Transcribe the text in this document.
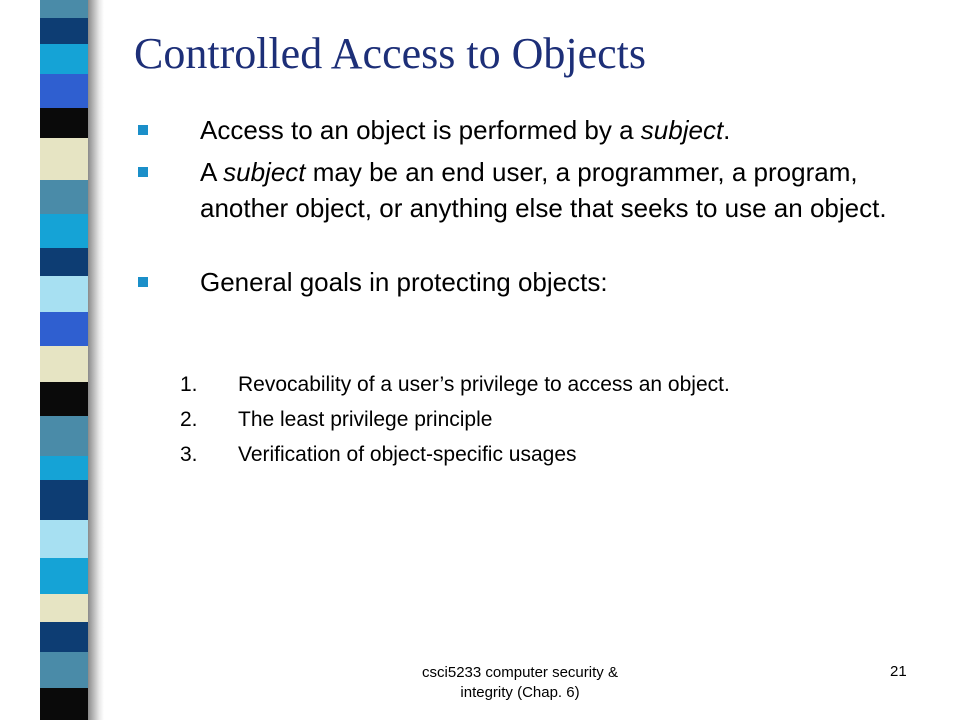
Controlled Access to Objects
Access to an object is performed by a subject.
A subject may be an end user, a programmer, a program, another object, or anything else that seeks to use an object.
General goals in protecting objects:
1. Revocability of a user’s privilege to access an object.
2. The least privilege principle
3. Verification of object-specific usages
csci5233 computer security &
integrity (Chap. 6)
21
